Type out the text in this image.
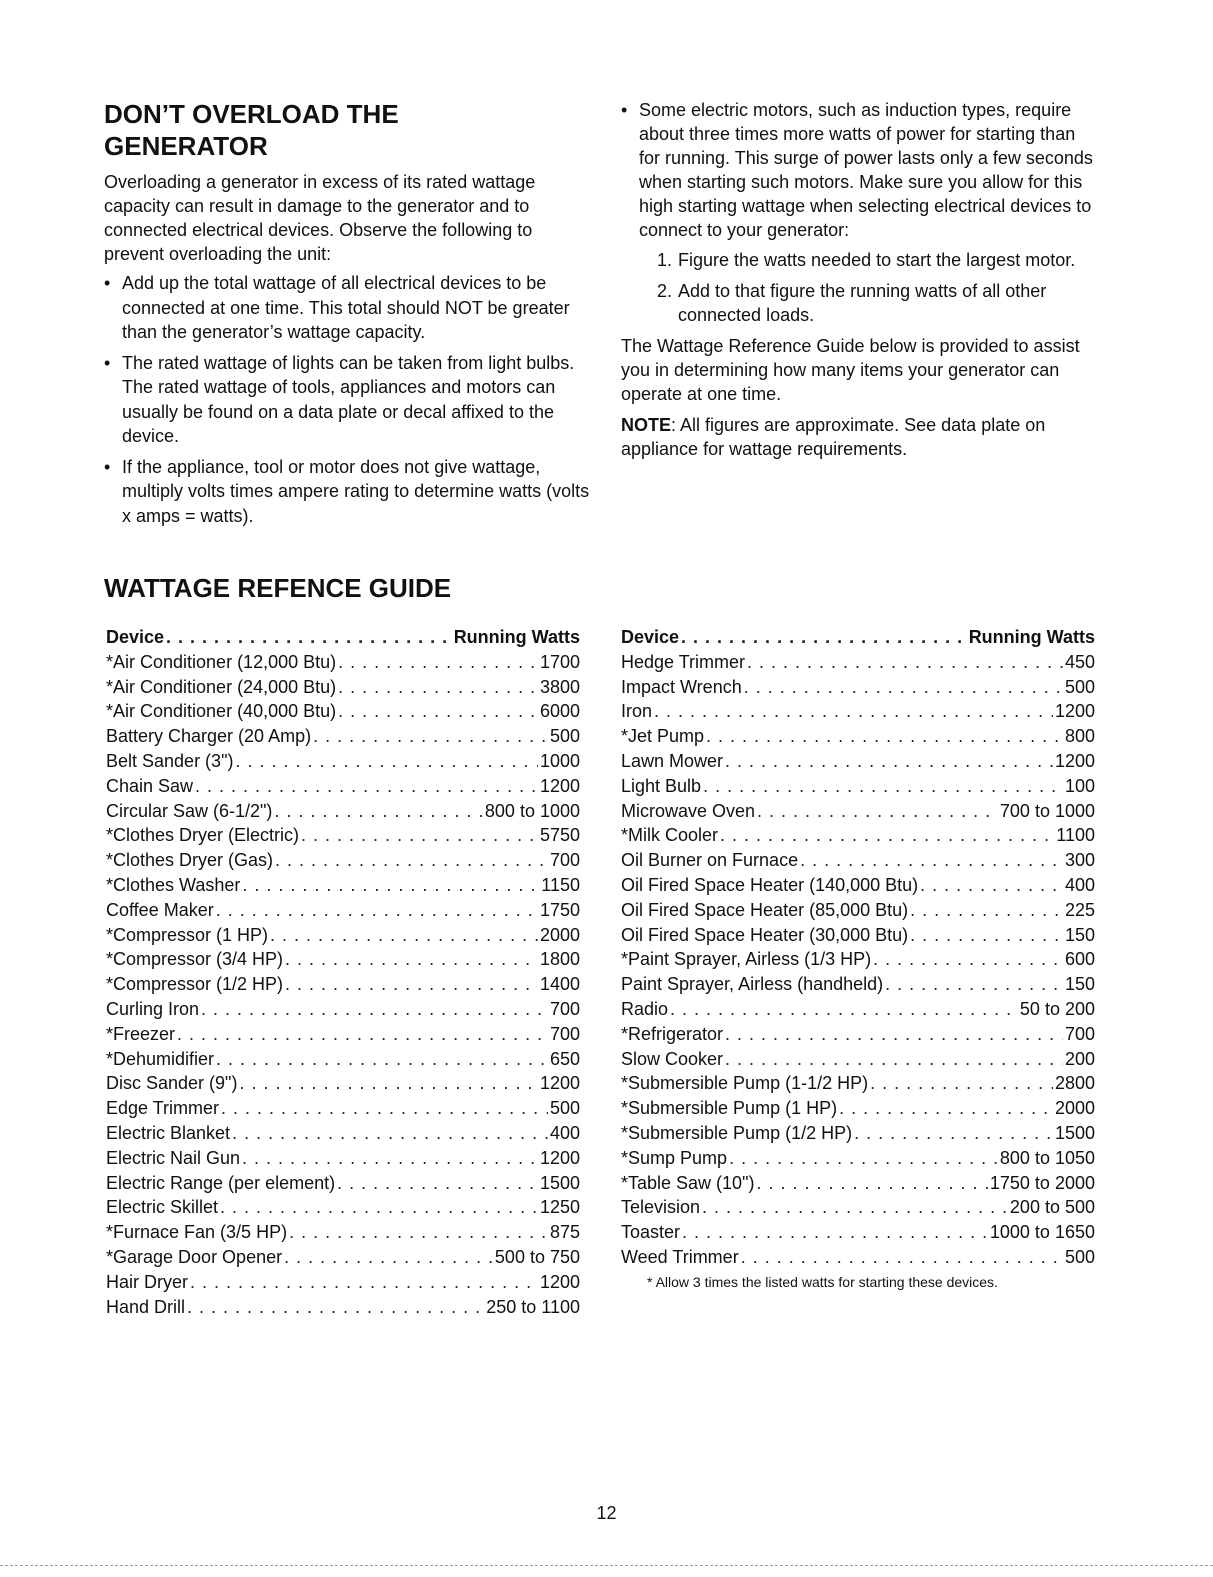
DON’T OVERLOAD THE
GENERATOR

Overloading a generator in excess of its rated wattage capacity can result in damage to the generator and to connected electrical devices. Observe the following to prevent overloading the unit:

• Add up the total wattage of all electrical devices to be connected at one time. This total should NOT be greater than the generator’s wattage capacity.
• The rated wattage of lights can be taken from light bulbs. The rated wattage of tools, appliances and motors can usually be found on a data plate or decal affixed to the device.
• If the appliance, tool or motor does not give wattage, multiply volts times ampere rating to determine watts (volts x amps = watts).
• Some electric motors, such as induction types, require about three times more watts of power for starting than for running. This surge of power lasts only a few seconds when starting such motors. Make sure you allow for this high starting wattage when selecting electrical devices to connect to your generator:
1. Figure the watts needed to start the largest motor.
2. Add to that figure the running watts of all other connected loads.

The Wattage Reference Guide below is provided to assist you in determining how many items your generator can operate at one time.

NOTE: All figures are approximate. See data plate on appliance for wattage requirements.

WATTAGE REFENCE GUIDE
Device . . .	Running Watts
*Air Conditioner (12,000 Btu) . . .	1700
*Air Conditioner (24,000 Btu) . . .	3800
*Air Conditioner (40,000 Btu) . . .	6000
Battery Charger (20 Amp) . . .	500
Belt Sander (3") . . .	1000
Chain Saw . . .	1200
Circular Saw (6-1/2") . . .	800 to 1000
*Clothes Dryer (Electric) . . .	5750
*Clothes Dryer (Gas) . . .	700
*Clothes Washer . . .	1150
Coffee Maker . . .	1750
*Compressor (1 HP) . . .	2000
*Compressor (3/4 HP) . . .	1800
*Compressor (1/2 HP) . . .	1400
Curling Iron . . .	700
*Freezer . . .	700
*Dehumidifier . . .	650
Disc Sander (9") . . .	1200
Edge Trimmer . . .	500
Electric Blanket . . .	400
Electric Nail Gun . . .	1200
Electric Range (per element) . . .	1500
Electric Skillet . . .	1250
*Furnace Fan (3/5 HP) . . .	875
*Garage Door Opener . . .	500 to 750
Hair Dryer . . .	1200
Hand Drill . . .	250 to 1100
Device . . .	Running Watts
Hedge Trimmer . . .	450
Impact Wrench . . .	500
Iron . . .	1200
*Jet Pump . . .	800
Lawn Mower . . .	1200
Light Bulb . . .	100
Microwave Oven . . .	700 to 1000
*Milk Cooler . . .	1100
Oil Burner on Furnace . . .	300
Oil Fired Space Heater (140,000 Btu) . . .	400
Oil Fired Space Heater (85,000 Btu) . . .	225
Oil Fired Space Heater (30,000 Btu) . . .	150
*Paint Sprayer, Airless (1/3 HP) . . .	600
Paint Sprayer, Airless (handheld) . . .	150
Radio . . .	50 to 200
*Refrigerator . . .	700
Slow Cooker . . .	200
*Submersible Pump (1-1/2 HP) . . .	2800
*Submersible Pump (1 HP) . . .	2000
*Submersible Pump (1/2 HP) . . .	1500
*Sump Pump . . .	800 to 1050
*Table Saw (10") . . .	1750 to 2000
Television . . .	200 to 500
Toaster . . .	1000 to 1650
Weed Trimmer . . .	500
* Allow 3 times the listed watts for starting these devices.
12
